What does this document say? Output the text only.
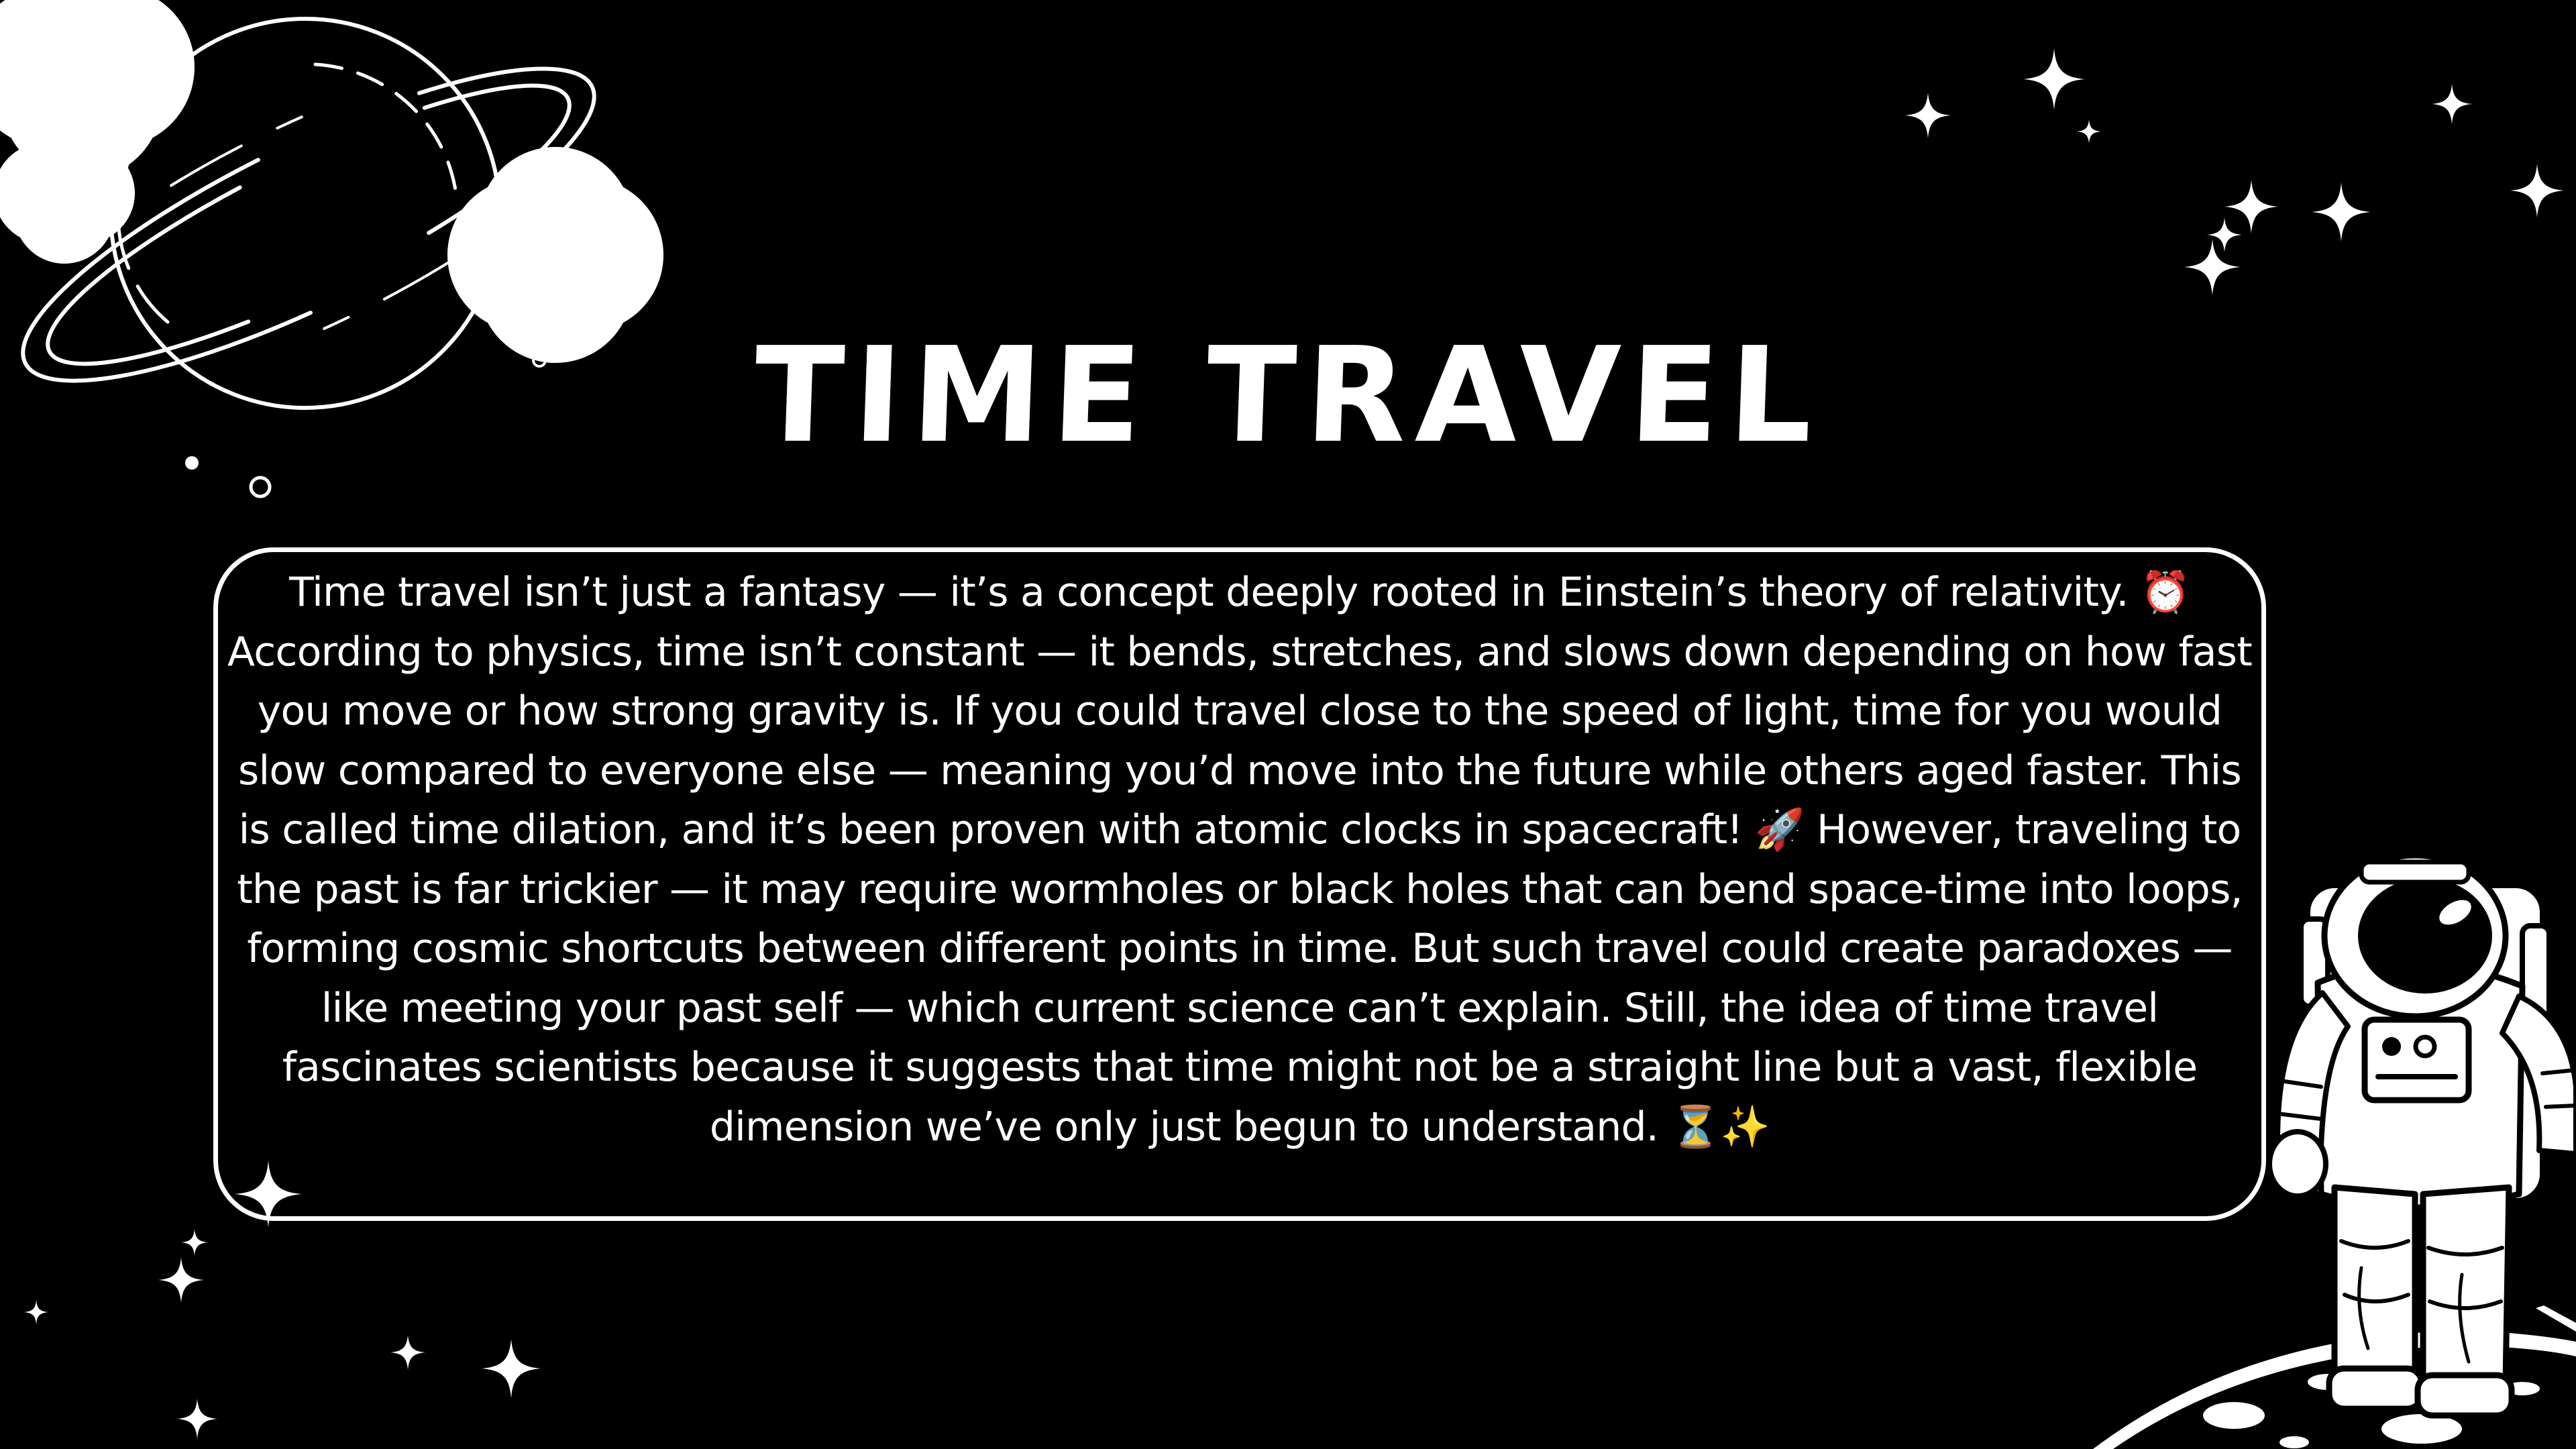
TIME TRAVEL

Time travel isn’t just a fantasy — it’s a concept deeply rooted in Einstein’s theory of relativity. ⏰ According to physics, time isn’t constant — it bends, stretches, and slows down depending on how fast you move or how strong gravity is. If you could travel close to the speed of light, time for you would slow compared to everyone else — meaning you’d move into the future while others aged faster. This is called time dilation, and it’s been proven with atomic clocks in spacecraft! 🚀 However, traveling to the past is far trickier — it may require wormholes or black holes that can bend space-time into loops, forming cosmic shortcuts between different points in time. But such travel could create paradoxes — like meeting your past self — which current science can’t explain. Still, the idea of time travel fascinates scientists because it suggests that time might not be a straight line but a vast, flexible dimension we’ve only just begun to understand. ⏳✨
